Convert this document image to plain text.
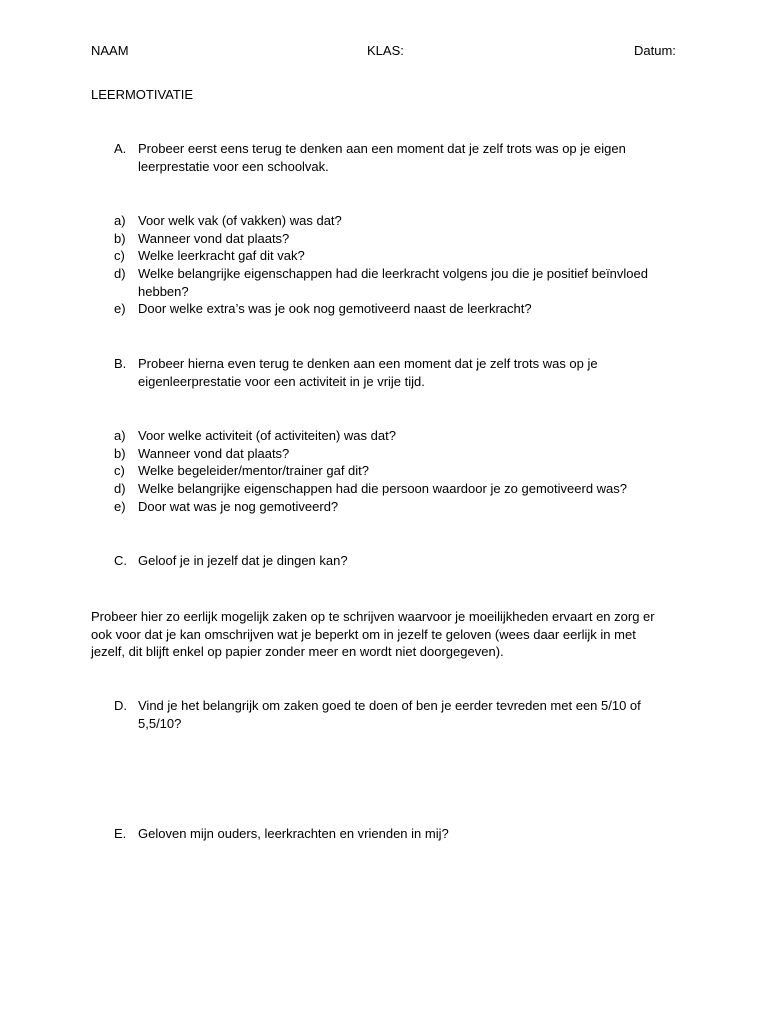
NAAM	KLAS:	Datum:
LEERMOTIVATIE
A. Probeer eerst eens terug te denken aan een moment dat je zelf trots was op je eigen
leerprestatie voor een schoolvak.
a) Voor welk vak (of vakken) was dat?
b) Wanneer vond dat plaats?
c) Welke leerkracht gaf dit vak?
d) Welke belangrijke eigenschappen had die leerkracht volgens jou die je positief beïnvloed
hebben?
e) Door welke extra’s was je ook nog gemotiveerd naast de leerkracht?
B. Probeer hierna even terug te denken aan een moment dat je zelf trots was op je
eigenleerprestatie voor een activiteit in je vrije tijd.
a) Voor welke activiteit (of activiteiten) was dat?
b) Wanneer vond dat plaats?
c) Welke begeleider/mentor/trainer gaf dit?
d) Welke belangrijke eigenschappen had die persoon waardoor je zo gemotiveerd was?
e) Door wat was je nog gemotiveerd?
C. Geloof je in jezelf dat je dingen kan?
Probeer hier zo eerlijk mogelijk zaken op te schrijven waarvoor je moeilijkheden ervaart en zorg er
ook voor dat je kan omschrijven wat je beperkt om in jezelf te geloven (wees daar eerlijk in met
jezelf, dit blijft enkel op papier zonder meer en wordt niet doorgegeven).
D. Vind je het belangrijk om zaken goed te doen of ben je eerder tevreden met een 5/10 of
5,5/10?
E. Geloven mijn ouders, leerkrachten en vrienden in mij?
